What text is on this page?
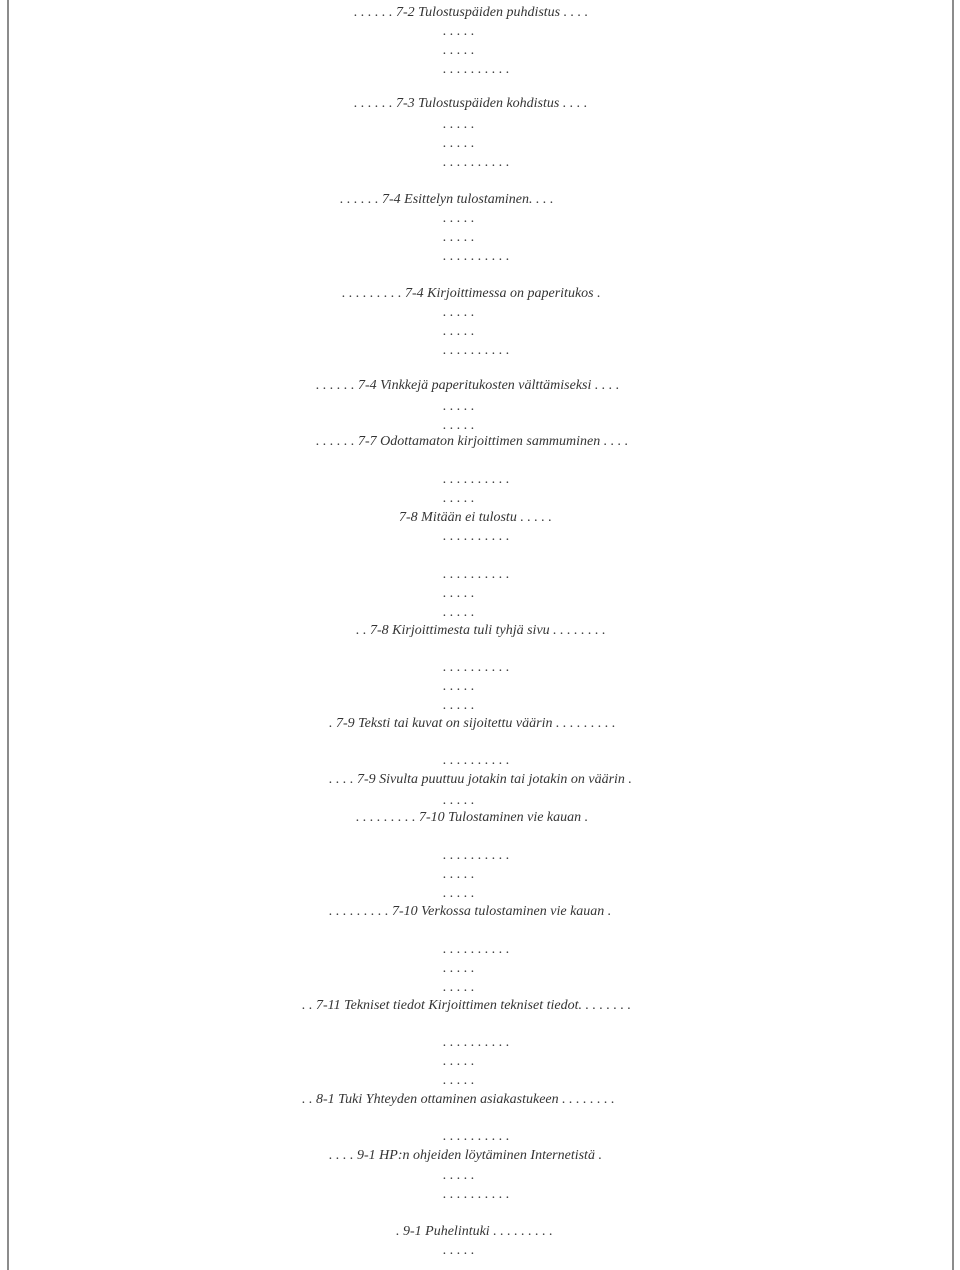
. . . . . . 7-2 Tulostuspäiden puhdistus . . . .

. . . . .

. . . . .

. . . . . . . . . .

. . . . . . 7-3 Tulostuspäiden kohdistus . . . .

. . . . .

. . . . .

. . . . . . . . . .

. . . . . . 7-4 Esittelyn tulostaminen. . . .

. . . . .

. . . . .

. . . . . . . . . .

. . . . . . . . . 7-4 Kirjoittimessa on paperitukos .

. . . . .

. . . . .

. . . . . . . . . .

. . . . . . 7-4 Vinkkejä paperitukosten välttämiseksi . . . .

. . . . .

. . . . .

. . . . . . 7-7 Odottamaton kirjoittimen sammuminen . . . .

. . . . . . . . . .

. . . . .

7-8 Mitään ei tulostu . . . . .

. . . . . . . . . .

. . . . . . . . . .

. . . . .

. . . . .

. . 7-8 Kirjoittimesta tuli tyhjä sivu . . . . . . . .

. . . . . . . . . .

. . . . .

. . . . .

. 7-9 Teksti tai kuvat on sijoitettu väärin . . . . . . . . .

. . . . . . . . . .

. . . . 7-9 Sivulta puuttuu jotakin tai jotakin on väärin .

. . . . .

. . . . . . . . . 7-10 Tulostaminen vie kauan .

. . . . . . . . . .

. . . . .

. . . . .

. . . . . . . . . 7-10 Verkossa tulostaminen vie kauan .

. . . . . . . . . .

. . . . .

. . . . .

. . 7-11 Tekniset tiedot Kirjoittimen tekniset tiedot. . . . . . . .

. . . . . . . . . .

. . . . .

. . . . .

. . 8-1 Tuki Yhteyden ottaminen asiakastukeen . . . . . . . .

. . . . . . . . . .

. . . . 9-1 HP:n ohjeiden löytäminen Internetistä .

. . . . .

. . . . . . . . . .

. 9-1 Puhelintuki . . . . . . . . .

. . . . .
